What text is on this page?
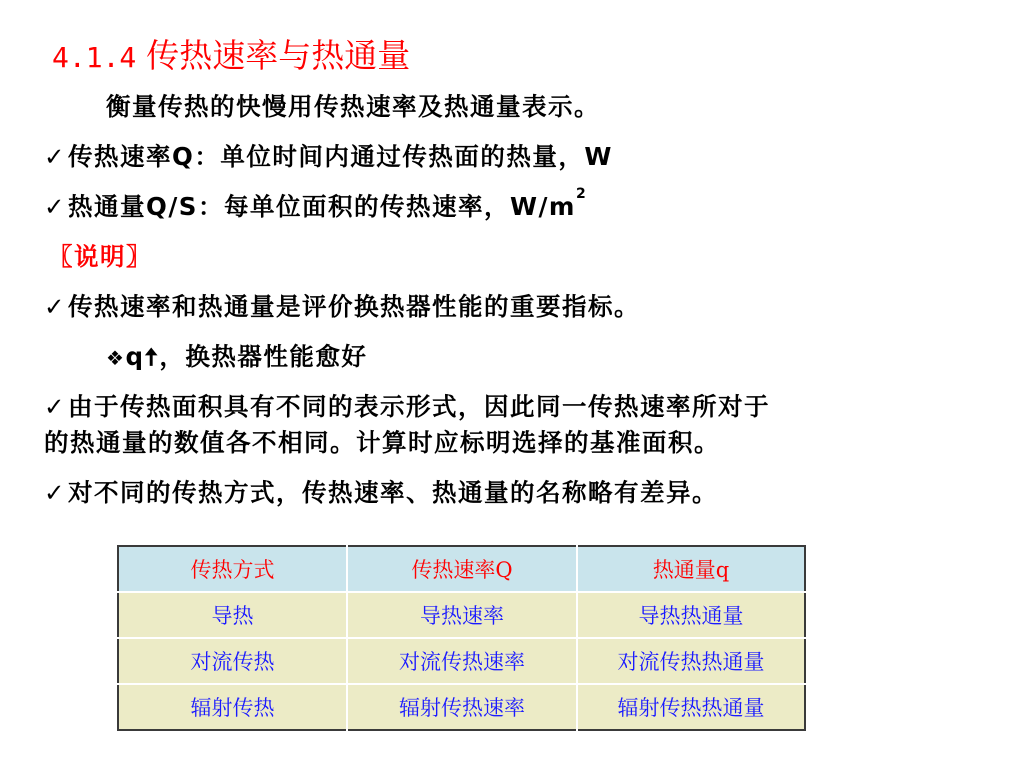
4.1.4 传热速率与热通量
衡量传热的快慢用传热速率及热通量表示。
✓传热速率Q：单位时间内通过传热面的热量，W
✓热通量Q/S：每单位面积的传热速率，$W/m^2$
〖说明〗
✓传热速率和热通量是评价换热器性能的重要指标。
❖q🠅，换热器性能愈好
✓由于传热面积具有不同的表示形式，因此同一传热速率所对于
的热通量的数值各不相同。计算时应标明选择的基准面积。
✓对不同的传热方式，传热速率、热通量的名称略有差异。
传热方式	传热速率Q	热通量q
导热	导热速率	导热热通量
对流传热	对流传热速率	对流传热热通量
辐射传热	辐射传热速率	辐射传热热通量
